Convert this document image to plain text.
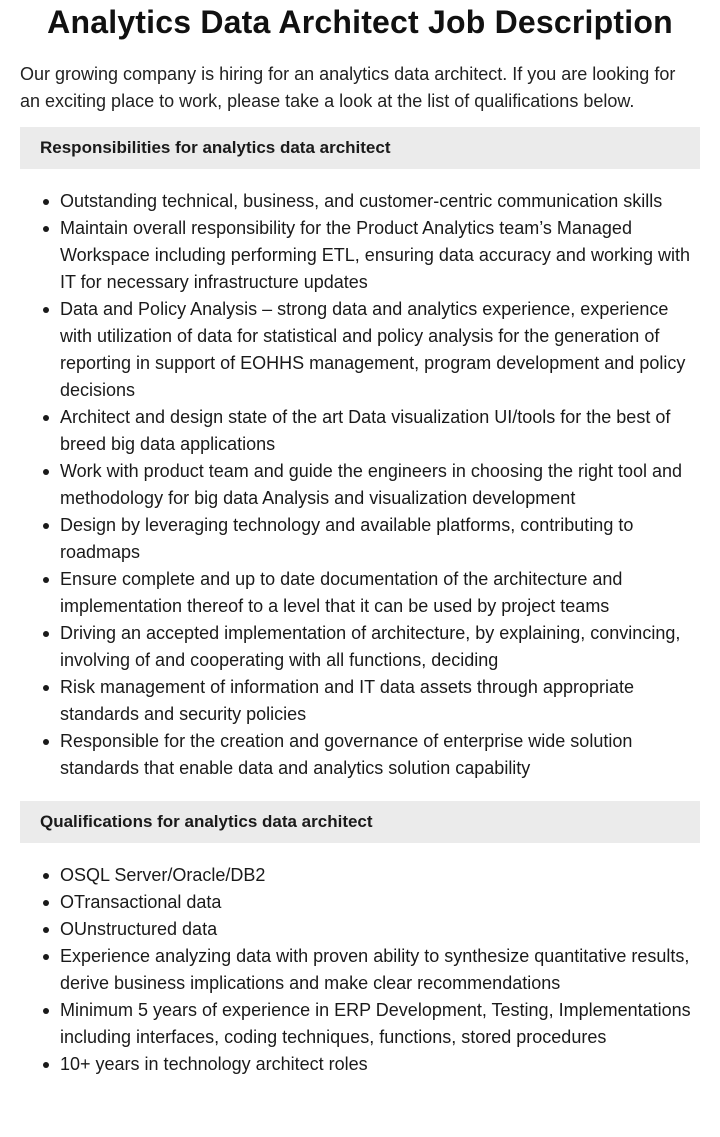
Analytics Data Architect Job Description

Our growing company is hiring for an analytics data architect. If you are looking for an exciting place to work, please take a look at the list of qualifications below.

Responsibilities for analytics data architect
Outstanding technical, business, and customer-centric communication skills
Maintain overall responsibility for the Product Analytics team’s Managed Workspace including performing ETL, ensuring data accuracy and working with IT for necessary infrastructure updates
Data and Policy Analysis – strong data and analytics experience, experience with utilization of data for statistical and policy analysis for the generation of reporting in support of EOHHS management, program development and policy decisions
Architect and design state of the art Data visualization UI/tools for the best of breed big data applications
Work with product team and guide the engineers in choosing the right tool and methodology for big data Analysis and visualization development
Design by leveraging technology and available platforms, contributing to roadmaps
Ensure complete and up to date documentation of the architecture and implementation thereof to a level that it can be used by project teams
Driving an accepted implementation of architecture, by explaining, convincing, involving of and cooperating with all functions, deciding
Risk management of information and IT data assets through appropriate standards and security policies
Responsible for the creation and governance of enterprise wide solution standards that enable data and analytics solution capability
Qualifications for analytics data architect
OSQL Server/Oracle/DB2
OTransactional data
OUnstructured data
Experience analyzing data with proven ability to synthesize quantitative results, derive business implications and make clear recommendations
Minimum 5 years of experience in ERP Development, Testing, Implementations including interfaces, coding techniques, functions, stored procedures
10+ years in technology architect roles
